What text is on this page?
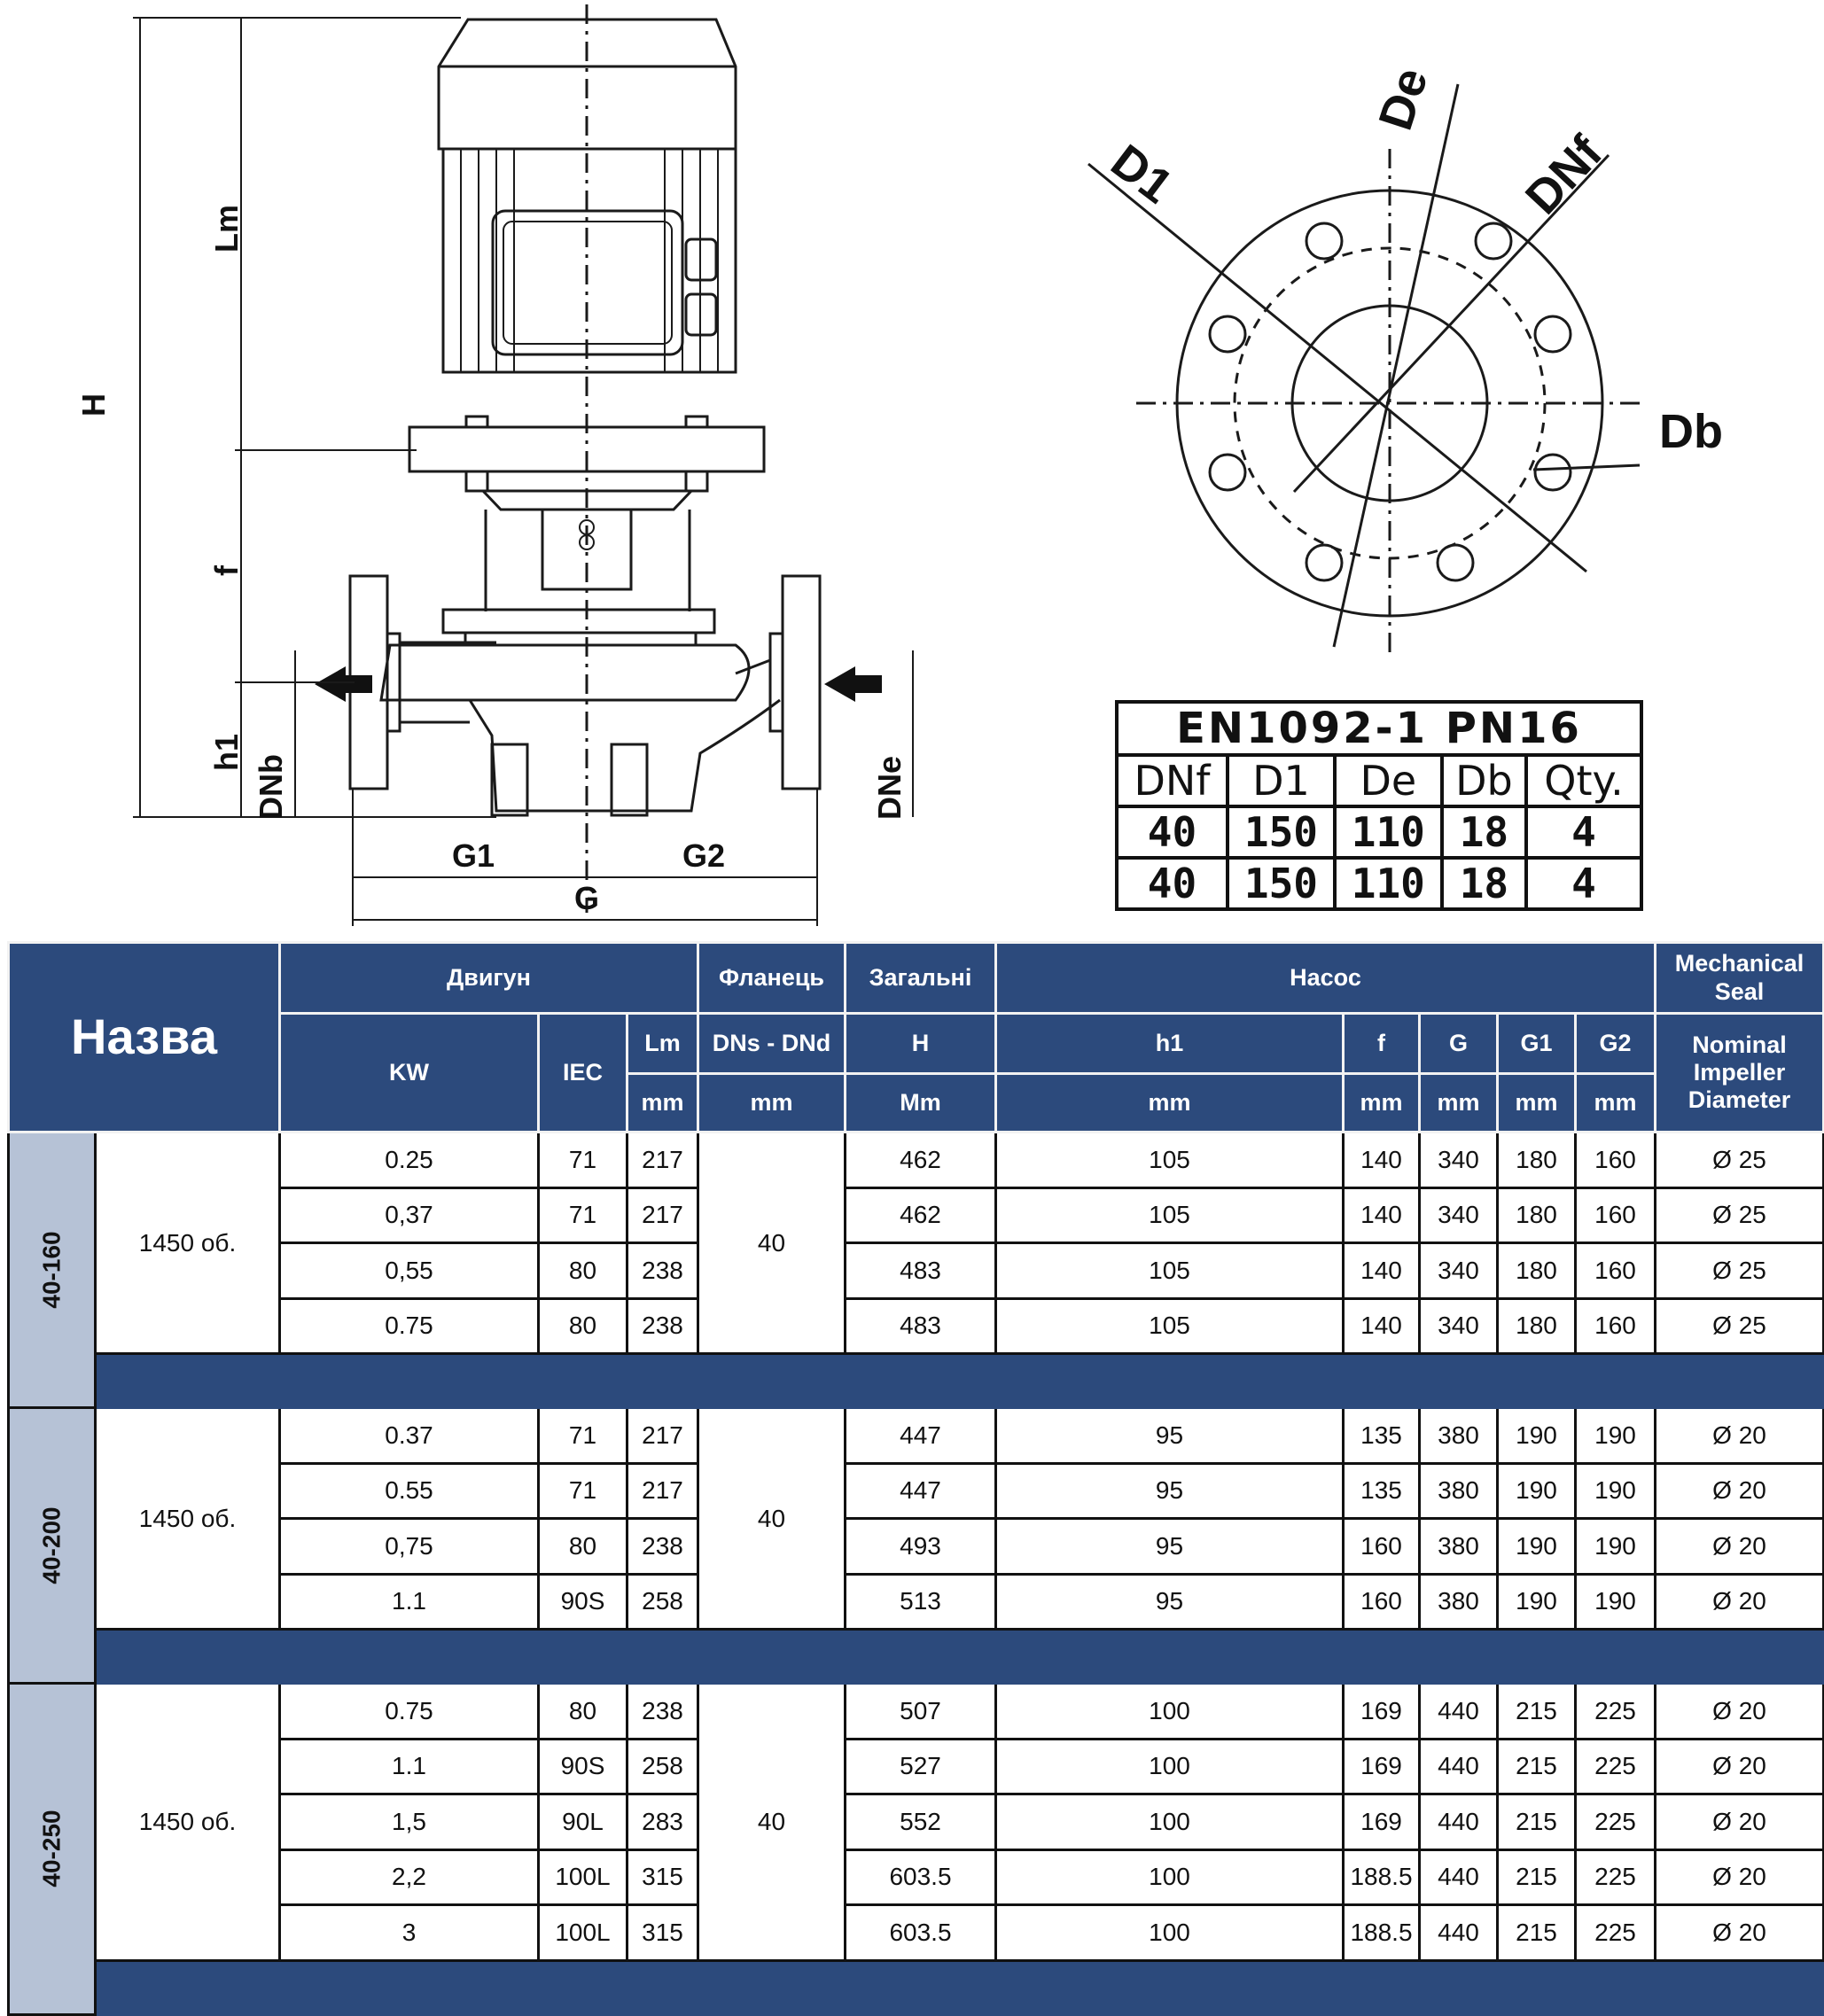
H
Lm
f
h1
DNb	DNe
G1	G2
G
D1
De
DNf
Db
EN1092-1 PN16				
DNf	D1	De	Db	Qty.
40	150	110	18	4
40	150	110	18	4
Назва		Двигун			Фланець	Загальні	Насос					Mechanical Seal
		KW	IEC	Lm	DNs - DNd	H	h1	f	G	G1	G2	Nominal Impeller Diameter
				mm	mm	Mm	mm	mm	mm	mm	mm	
40-160	1450 об.	0.25	71	217	40	462	105	140	340	180	160	Ø 25
		0,37	71	217		462	105	140	340	180	160	Ø 25
		0,55	80	238		483	105	140	340	180	160	Ø 25
		0.75	80	238		483	105	140	340	180	160	Ø 25

40-200	1450 об.	0.37	71	217	40	447	95	135	380	190	190	Ø 20
		0.55	71	217		447	95	135	380	190	190	Ø 20
		0,75	80	238		493	95	160	380	190	190	Ø 20
		1.1	90S	258		513	95	160	380	190	190	Ø 20

40-250	1450 об.	0.75	80	238	40	507	100	169	440	215	225	Ø 20
		1.1	90S	258		527	100	169	440	215	225	Ø 20
		1,5	90L	283		552	100	169	440	215	225	Ø 20
		2,2	100L	315		603.5	100	188.5	440	215	225	Ø 20
		3	100L	315		603.5	100	188.5	440	215	225	Ø 20
